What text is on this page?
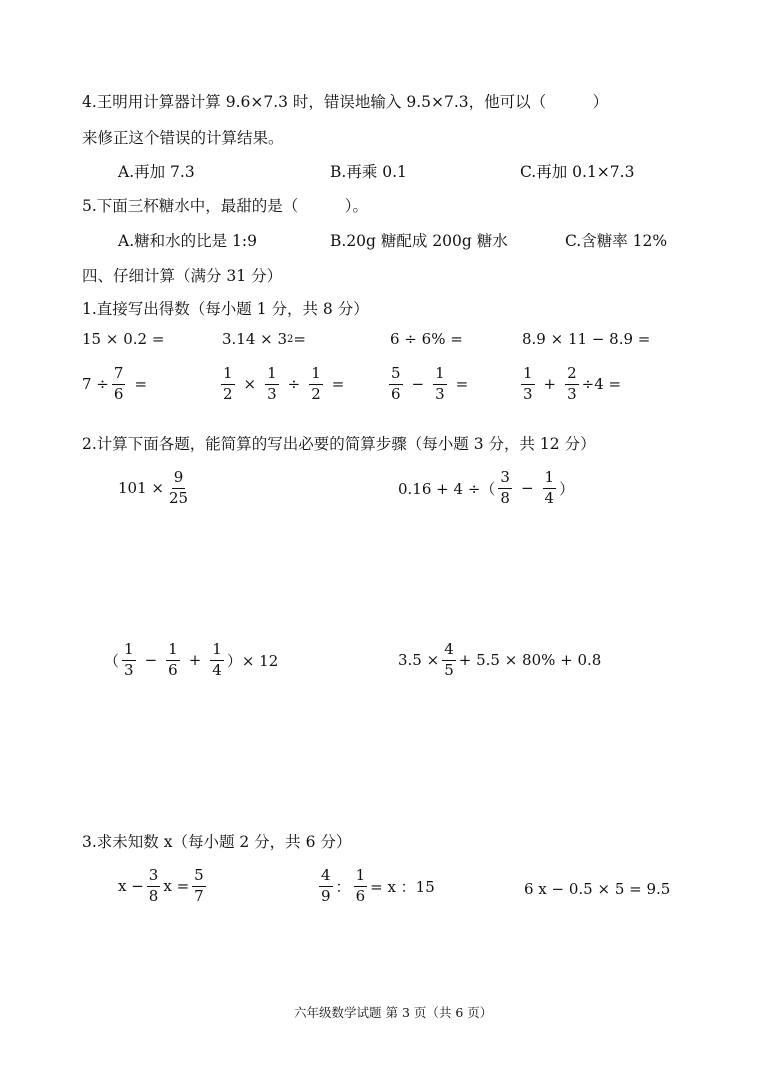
4.王明用计算器计算 9.6×7.3 时，错误地输入 9.5×7.3，他可以（　　　）
来修正这个错误的计算结果。
A.再加 7.3	B.再乘 0.1	C.再加 0.1×7.3
5.下面三杯糖水中，最甜的是（　　　）。
A.糖和水的比是 1:9	B.20g 糖配成 200g 糖水	C.含糖率 12%
四、仔细计算（满分 31 分）
1.直接写出得数（每小题 1 分，共 8 分）
15 × 0.2 =	3.14 × 3 2 =	6 ÷ 6% =	8.9 × 11 − 8.9 =
$7 \div \frac{7}{6}$ =	$\frac{1}{2} \times \frac{1}{3} \div \frac{1}{2}$ =	$\frac{5}{6} - \frac{1}{3}$ =	$\frac{1}{3} + \frac{2}{3} \div 4$ =
2.计算下面各题，能简算的写出必要的简算步骤（每小题 3 分，共 12 分）
$101 \times \frac{9}{25}$	0.16 + 4 ÷（ $\frac{3}{8} - \frac{1}{4}$ ）
（ $\frac{1}{3} - \frac{1}{6} + \frac{1}{4}$ ）× 12	$3.5 \times \frac{4}{5} + 5.5 \times 80\% + 0.8$
3.求未知数 x（每小题 2 分，共 6 分）
$x - \frac{3}{8}$ $x = \frac{5}{7}$	$\frac{4}{9}$ ： $\frac{1}{6} = x$ ：15	6 x − 0.5 × 5 = 9.5
六年级数学试题 第 3 页（共 6 页）
